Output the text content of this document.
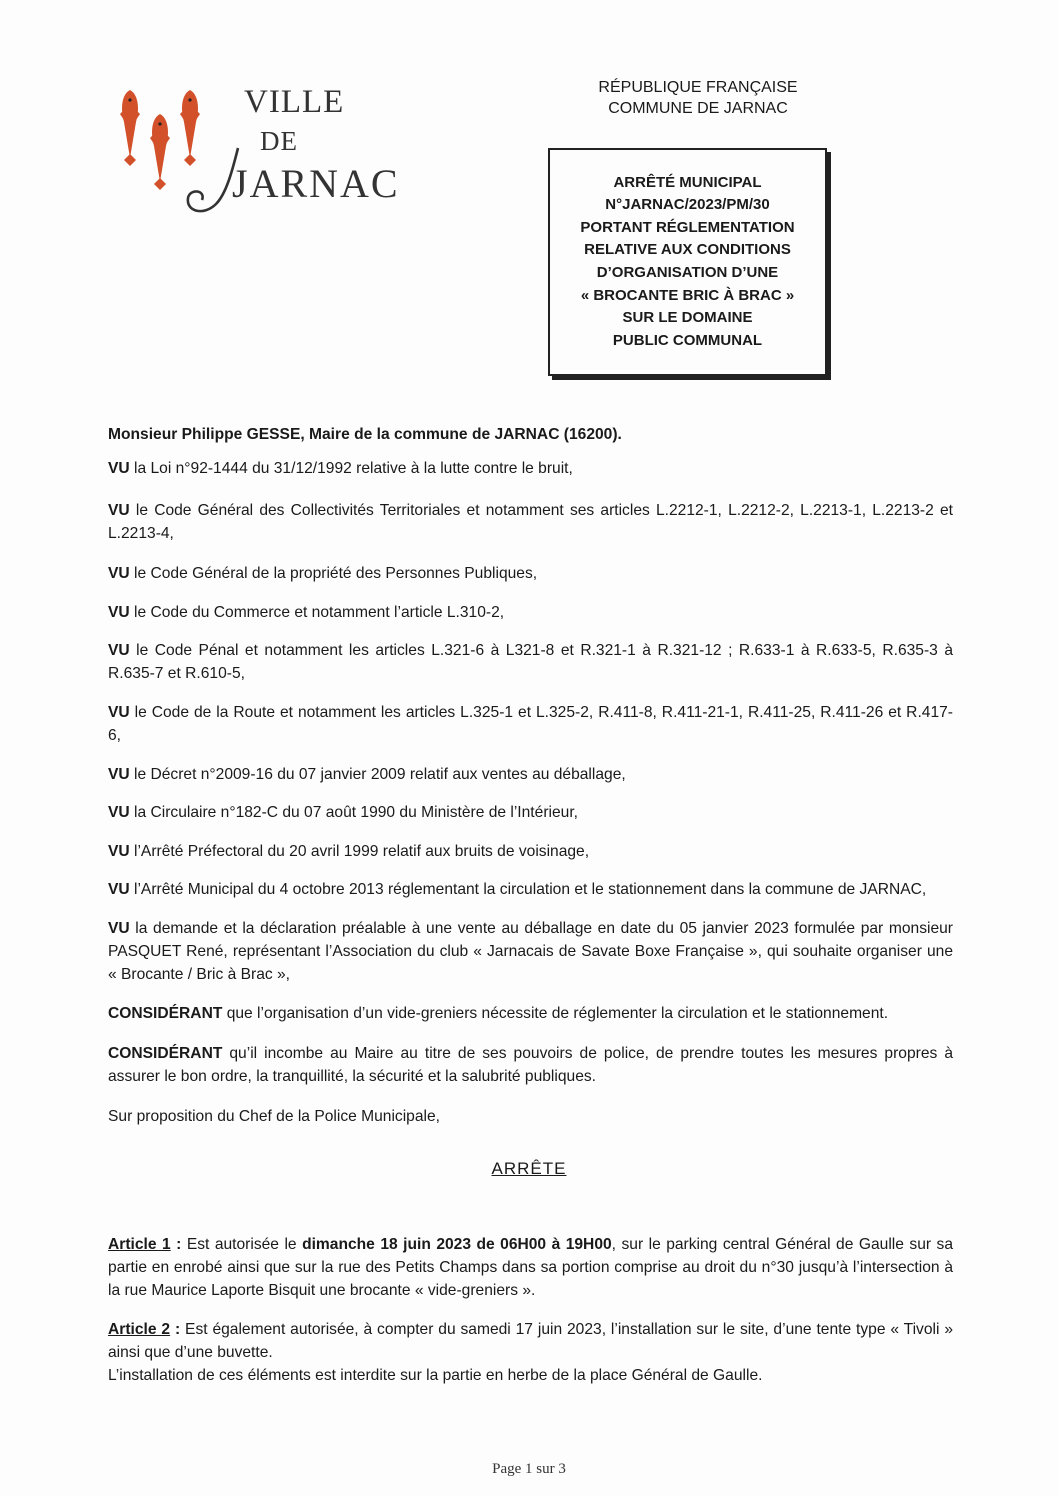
VILLE
DE
JARNAC
RÉPUBLIQUE FRANÇAISE
COMMUNE DE JARNAC
ARRÊTÉ MUNICIPAL
N°JARNAC/2023/PM/30
PORTANT RÉGLEMENTATION
RELATIVE AUX CONDITIONS
D’ORGANISATION D’UNE
« BROCANTE BRIC À BRAC »
SUR LE DOMAINE
PUBLIC COMMUNAL
Monsieur Philippe GESSE, Maire de la commune de JARNAC (16200).
VU la Loi n°92-1444 du 31/12/1992 relative à la lutte contre le bruit,
VU le Code Général des Collectivités Territoriales et notamment ses articles L.2212-1, L.2212-2, L.2213-1, L.2213-2 et L.2213-4,
VU le Code Général de la propriété des Personnes Publiques,
VU le Code du Commerce et notamment l’article L.310-2,
VU le Code Pénal et notamment les articles L.321-6 à L321-8 et R.321-1 à R.321-12 ; R.633-1 à R.633-5, R.635-3 à R.635-7 et R.610-5,
VU le Code de la Route et notamment les articles L.325-1 et L.325-2, R.411-8, R.411-21-1, R.411-25, R.411-26 et R.417-6,
VU le Décret n°2009-16 du 07 janvier 2009 relatif aux ventes au déballage,
VU la Circulaire n°182-C du 07 août 1990 du Ministère de l’Intérieur,
VU l’Arrêté Préfectoral du 20 avril 1999 relatif aux bruits de voisinage,
VU l’Arrêté Municipal du 4 octobre 2013 réglementant la circulation et le stationnement dans la commune de JARNAC,
VU la demande et la déclaration préalable à une vente au déballage en date du 05 janvier 2023 formulée par monsieur PASQUET René, représentant l’Association du club « Jarnacais de Savate Boxe Française », qui souhaite organiser une « Brocante / Bric à Brac »,
CONSIDÉRANT que l’organisation d’un vide-greniers nécessite de réglementer la circulation et le stationnement.
CONSIDÉRANT qu’il incombe au Maire au titre de ses pouvoirs de police, de prendre toutes les mesures propres à assurer le bon ordre, la tranquillité, la sécurité et la salubrité publiques.
Sur proposition du Chef de la Police Municipale,
ARRÊTE
Article 1 : Est autorisée le dimanche 18 juin 2023 de 06H00 à 19H00, sur le parking central Général de Gaulle sur sa partie en enrobé ainsi que sur la rue des Petits Champs dans sa portion comprise au droit du n°30 jusqu’à l’intersection à la rue Maurice Laporte Bisquit une brocante « vide-greniers ».
Article 2 : Est également autorisée, à compter du samedi 17 juin 2023, l’installation sur le site, d’une tente type « Tivoli » ainsi que d’une buvette.
L’installation de ces éléments est interdite sur la partie en herbe de la place Général de Gaulle.
Page 1 sur 3
